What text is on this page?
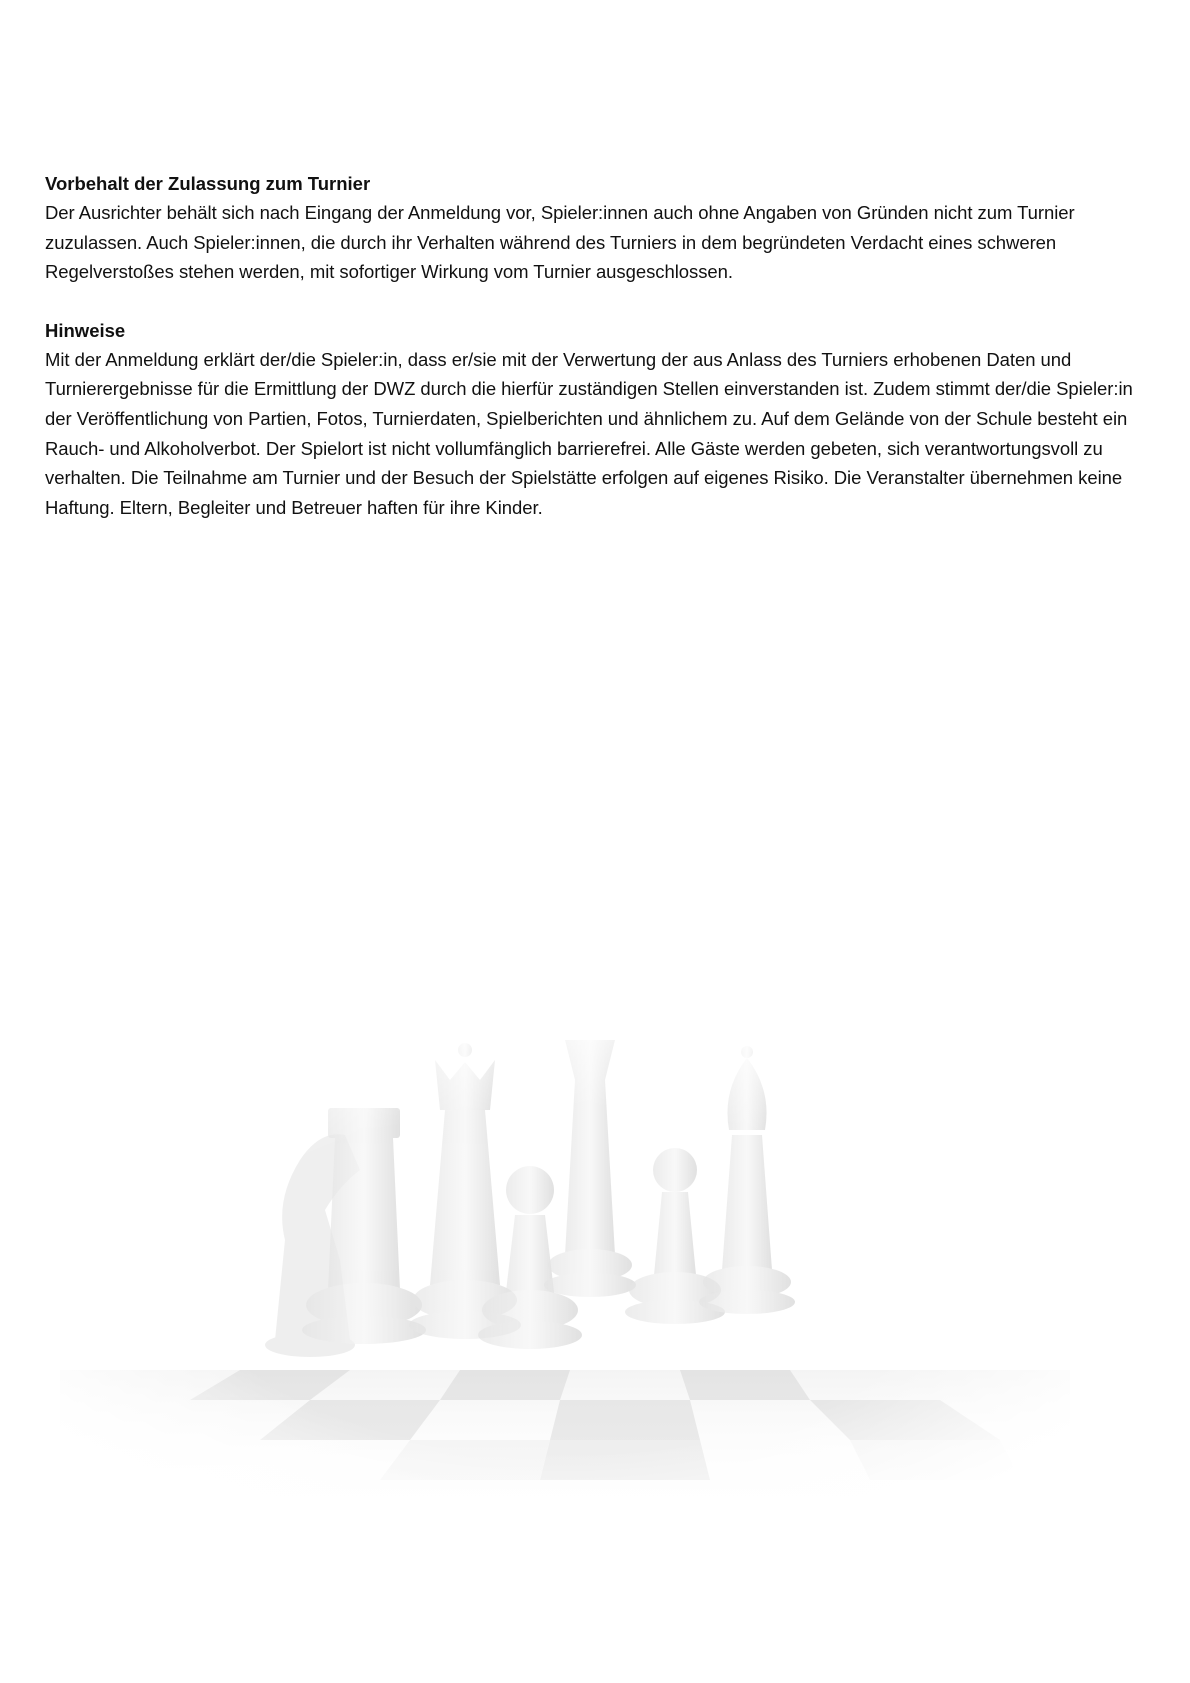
Vorbehalt der Zulassung zum Turnier

Der Ausrichter behält sich nach Eingang der Anmeldung vor, Spieler:innen auch ohne Angaben von Gründen nicht zum Turnier zuzulassen. Auch Spieler:innen, die durch ihr Verhalten während des Turniers in dem begründeten Verdacht eines schweren Regelverstoßes stehen werden, mit sofortiger Wirkung vom Turnier ausgeschlossen.

Hinweise

Mit der Anmeldung erklärt der/die Spieler:in, dass er/sie mit der Verwertung der aus Anlass des Turniers erhobenen Daten und Turnierergebnisse für die Ermittlung der DWZ durch die hierfür zuständigen Stellen einverstanden ist. Zudem stimmt der/die Spieler:in der Veröffentlichung von Partien, Fotos, Turnierdaten, Spielberichten und ähnlichem zu. Auf dem Gelände von der Schule besteht ein Rauch- und Alkoholverbot. Der Spielort ist nicht vollumfänglich barrierefrei. Alle Gäste werden gebeten, sich verantwortungsvoll zu verhalten. Die Teilnahme am Turnier und der Besuch der Spielstätte erfolgen auf eigenes Risiko. Die Veranstalter übernehmen keine Haftung. Eltern, Begleiter und Betreuer haften für ihre Kinder.
